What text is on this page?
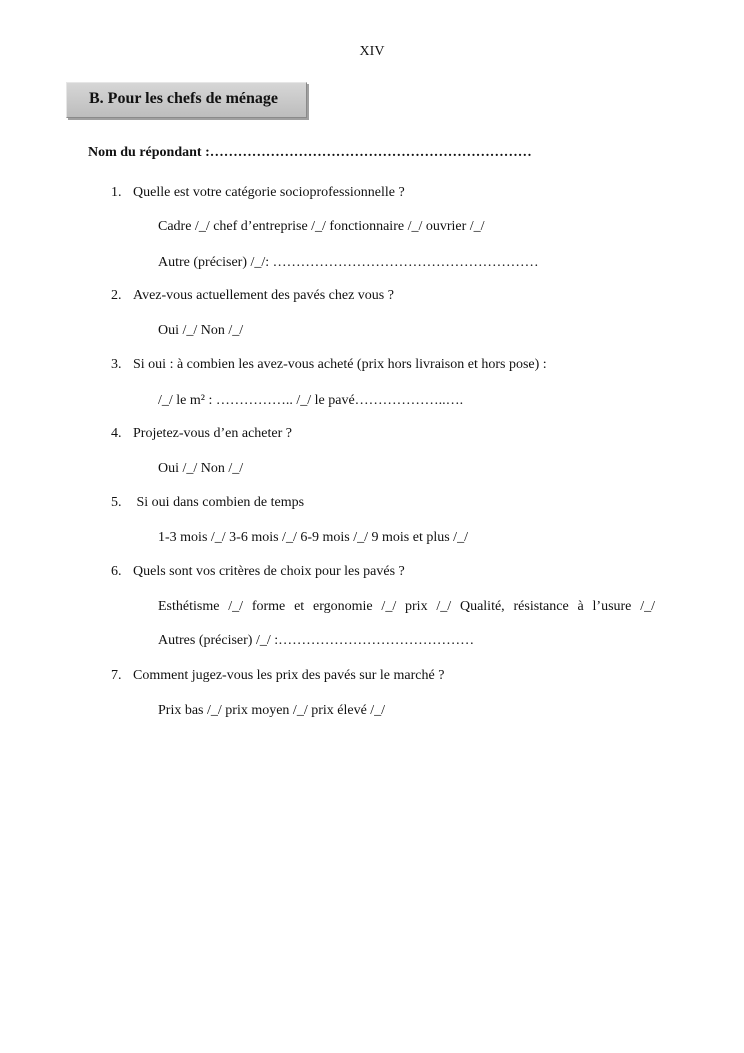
XIV
B. Pour les chefs de ménage
Nom du répondant :……………………………………………………………
1. Quelle est votre catégorie socioprofessionnelle ?
Cadre /_/ chef d’entreprise /_/ fonctionnaire /_/ ouvrier /_/
Autre (préciser) /_/: …………………………………………………
2. Avez-vous actuellement des pavés chez vous ?
Oui /_/ Non /_/
3. Si oui : à combien les avez-vous acheté (prix hors livraison et hors pose) :
/_/ le m² : …………….. /_/ le pavé………………..….
4. Projetez-vous d’en acheter ?
Oui /_/ Non /_/
5. Si oui dans combien de temps
1-3 mois /_/ 3-6 mois /_/ 6-9 mois /_/ 9 mois et plus /_/
6. Quels sont vos critères de choix pour les pavés ?
Esthétisme /_/ forme et ergonomie /_/ prix /_/ Qualité, résistance à l’usure /_/
Autres (préciser) /_/ :……………………………………
7. Comment jugez-vous les prix des pavés sur le marché ?
Prix bas /_/ prix moyen /_/ prix élevé /_/
